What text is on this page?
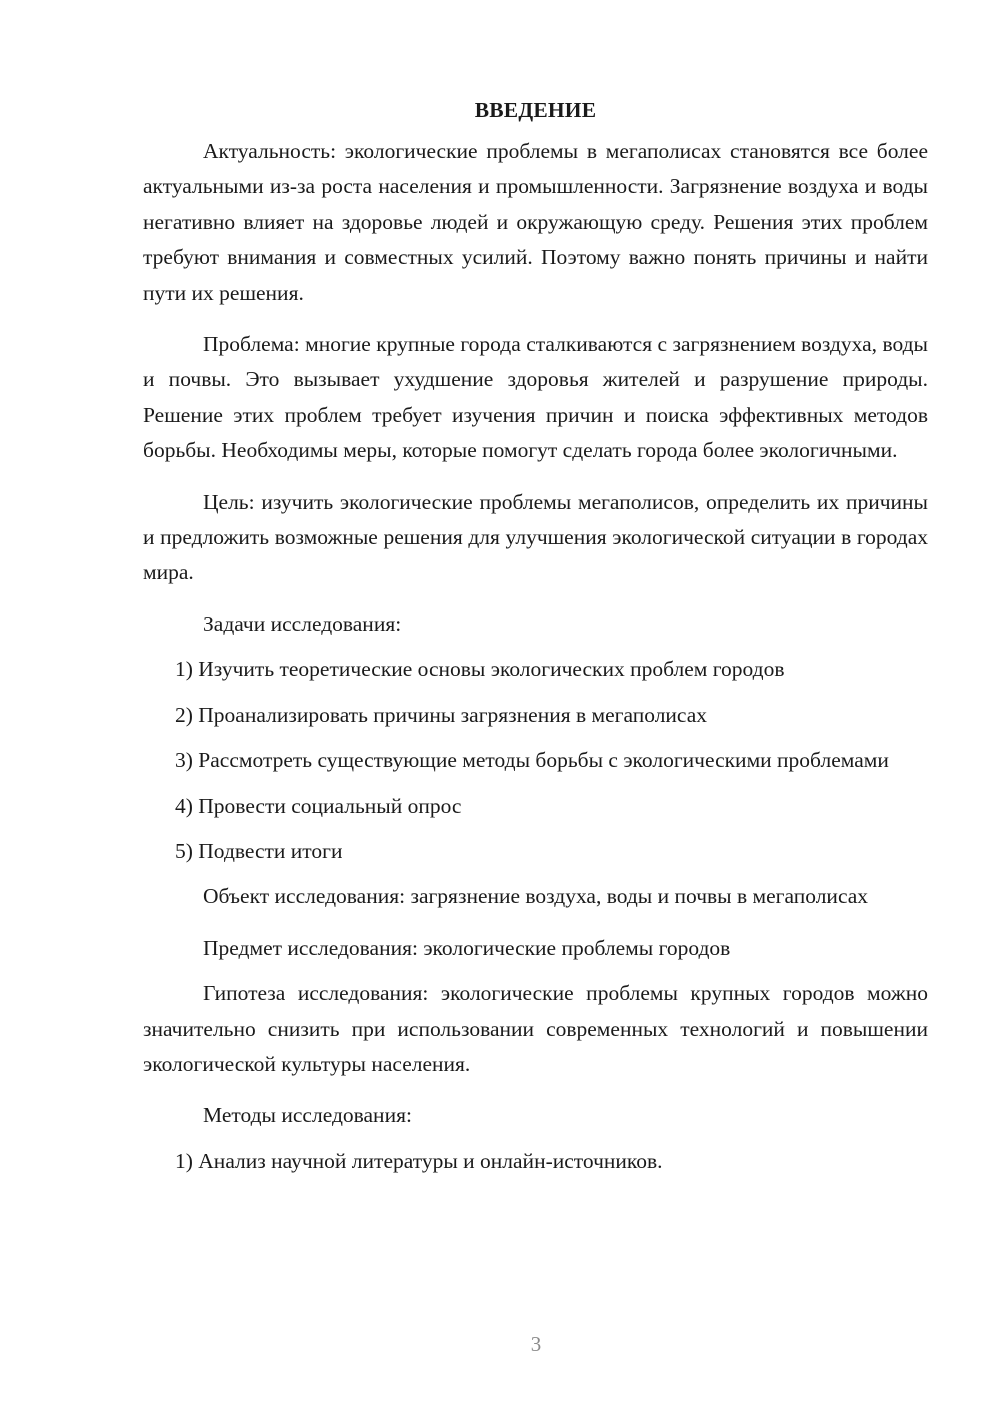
ВВЕДЕНИЕ

Актуальность: экологические проблемы в мегаполисах становятся все более актуальными из-за роста населения и промышленности. Загрязнение воздуха и воды негативно влияет на здоровье людей и окружающую среду. Решения этих проблем требуют внимания и совместных усилий. Поэтому важно понять причины и найти пути их решения.

Проблема: многие крупные города сталкиваются с загрязнением воздуха, воды и почвы. Это вызывает ухудшение здоровья жителей и разрушение природы. Решение этих проблем требует изучения причин и поиска эффективных методов борьбы. Необходимы меры, которые помогут сделать города более экологичными.

Цель: изучить экологические проблемы мегаполисов, определить их причины и предложить возможные решения для улучшения экологической ситуации в городах мира.

Задачи исследования:

1) Изучить теоретические основы экологических проблем городов

2) Проанализировать причины загрязнения в мегаполисах

3) Рассмотреть существующие методы борьбы с экологическими проблемами

4) Провести социальный опрос

5) Подвести итоги

Объект исследования: загрязнение воздуха, воды и почвы в мегаполисах

Предмет исследования: экологические проблемы городов

Гипотеза исследования: экологические проблемы крупных городов можно значительно снизить при использовании современных технологий и повышении экологической культуры населения.

Методы исследования:

1) Анализ научной литературы и онлайн-источников.

3
